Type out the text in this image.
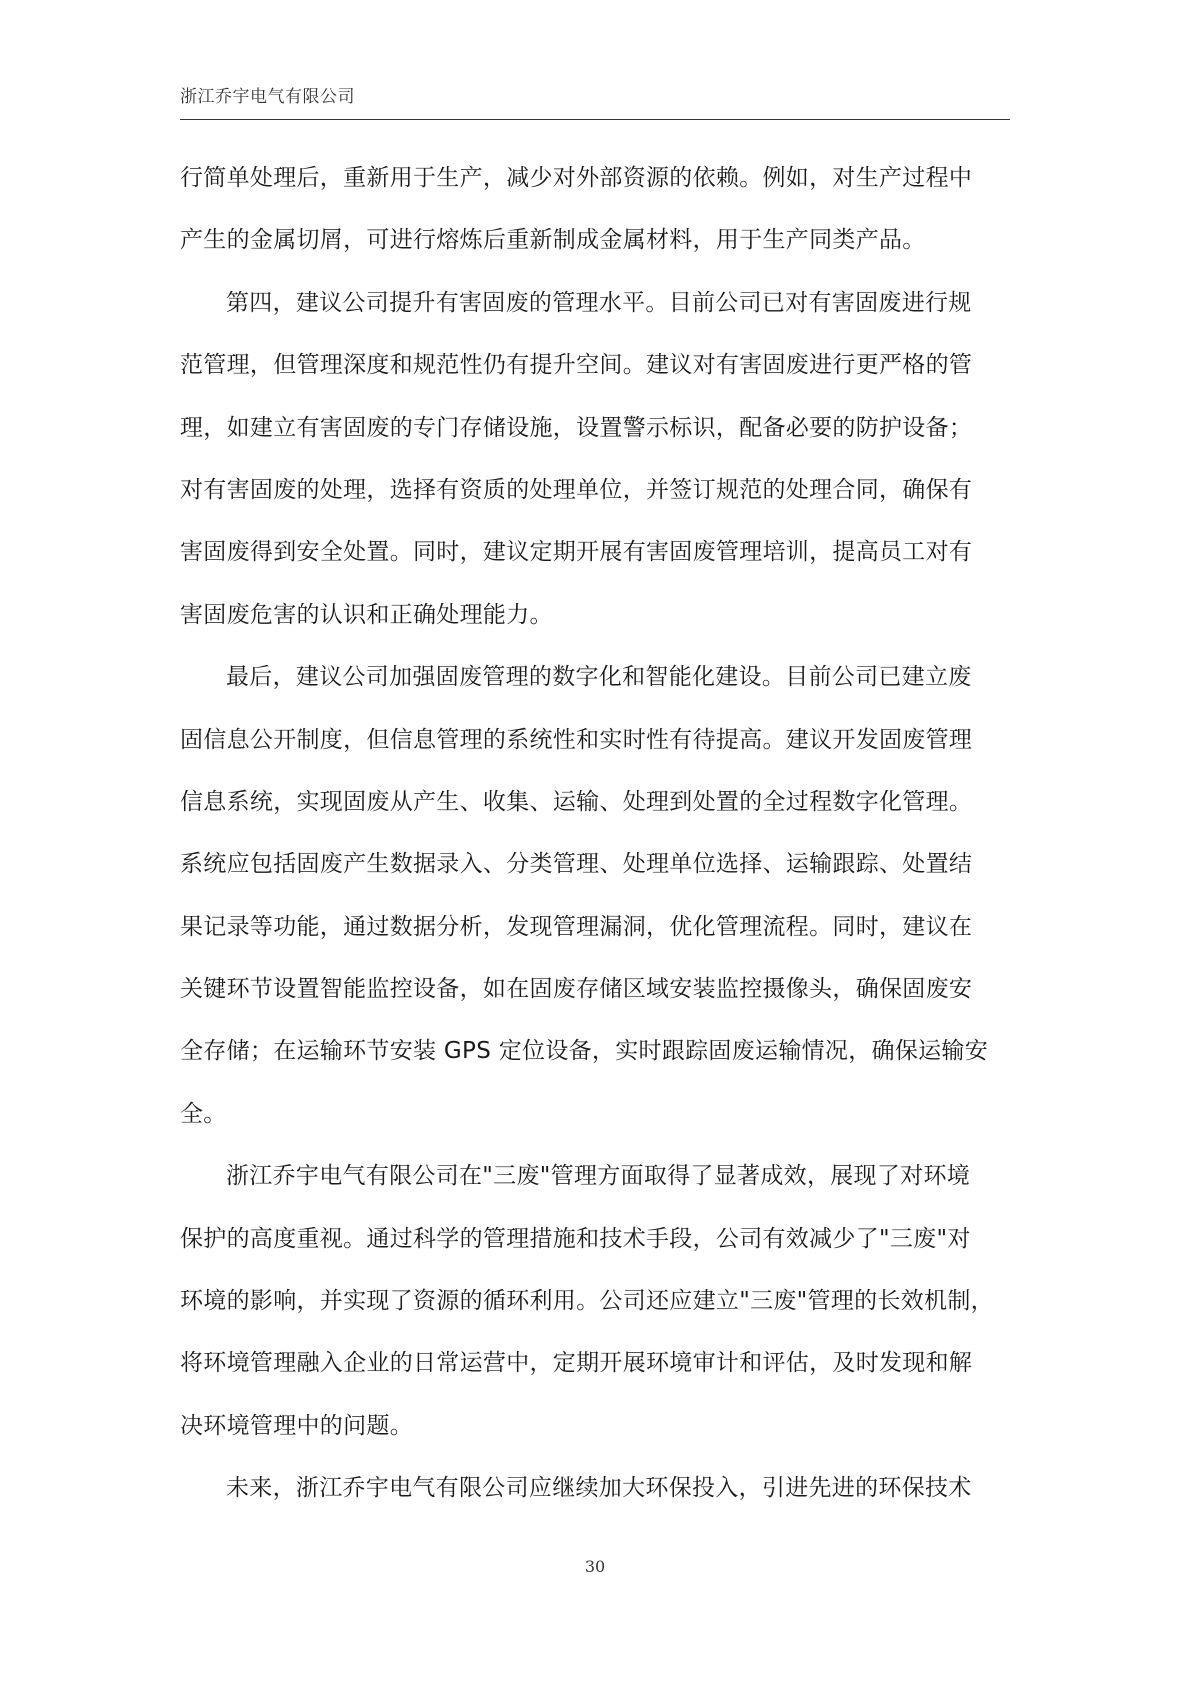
浙江乔宇电气有限公司
行简单处理后，重新用于生产，减少对外部资源的依赖。例如，对生产过程中
产生的金属切屑，可进行熔炼后重新制成金属材料，用于生产同类产品。
第四，建议公司提升有害固废的管理水平。目前公司已对有害固废进行规
范管理，但管理深度和规范性仍有提升空间。建议对有害固废进行更严格的管
理，如建立有害固废的专门存储设施，设置警示标识，配备必要的防护设备；
对有害固废的处理，选择有资质的处理单位，并签订规范的处理合同，确保有
害固废得到安全处置。同时，建议定期开展有害固废管理培训，提高员工对有
害固废危害的认识和正确处理能力。
最后，建议公司加强固废管理的数字化和智能化建设。目前公司已建立废
固信息公开制度，但信息管理的系统性和实时性有待提高。建议开发固废管理
信息系统，实现固废从产生、收集、运输、处理到处置的全过程数字化管理。
系统应包括固废产生数据录入、分类管理、处理单位选择、运输跟踪、处置结
果记录等功能，通过数据分析，发现管理漏洞，优化管理流程。同时，建议在
关键环节设置智能监控设备，如在固废存储区域安装监控摄像头，确保固废安
全存储；在运输环节安装 GPS 定位设备，实时跟踪固废运输情况，确保运输安
全。
浙江乔宇电气有限公司在"三废"管理方面取得了显著成效，展现了对环境
保护的高度重视。通过科学的管理措施和技术手段，公司有效减少了"三废"对
环境的影响，并实现了资源的循环利用。公司还应建立"三废"管理的长效机制，
将环境管理融入企业的日常运营中，定期开展环境审计和评估，及时发现和解
决环境管理中的问题。
未来，浙江乔宇电气有限公司应继续加大环保投入，引进先进的环保技术
30
